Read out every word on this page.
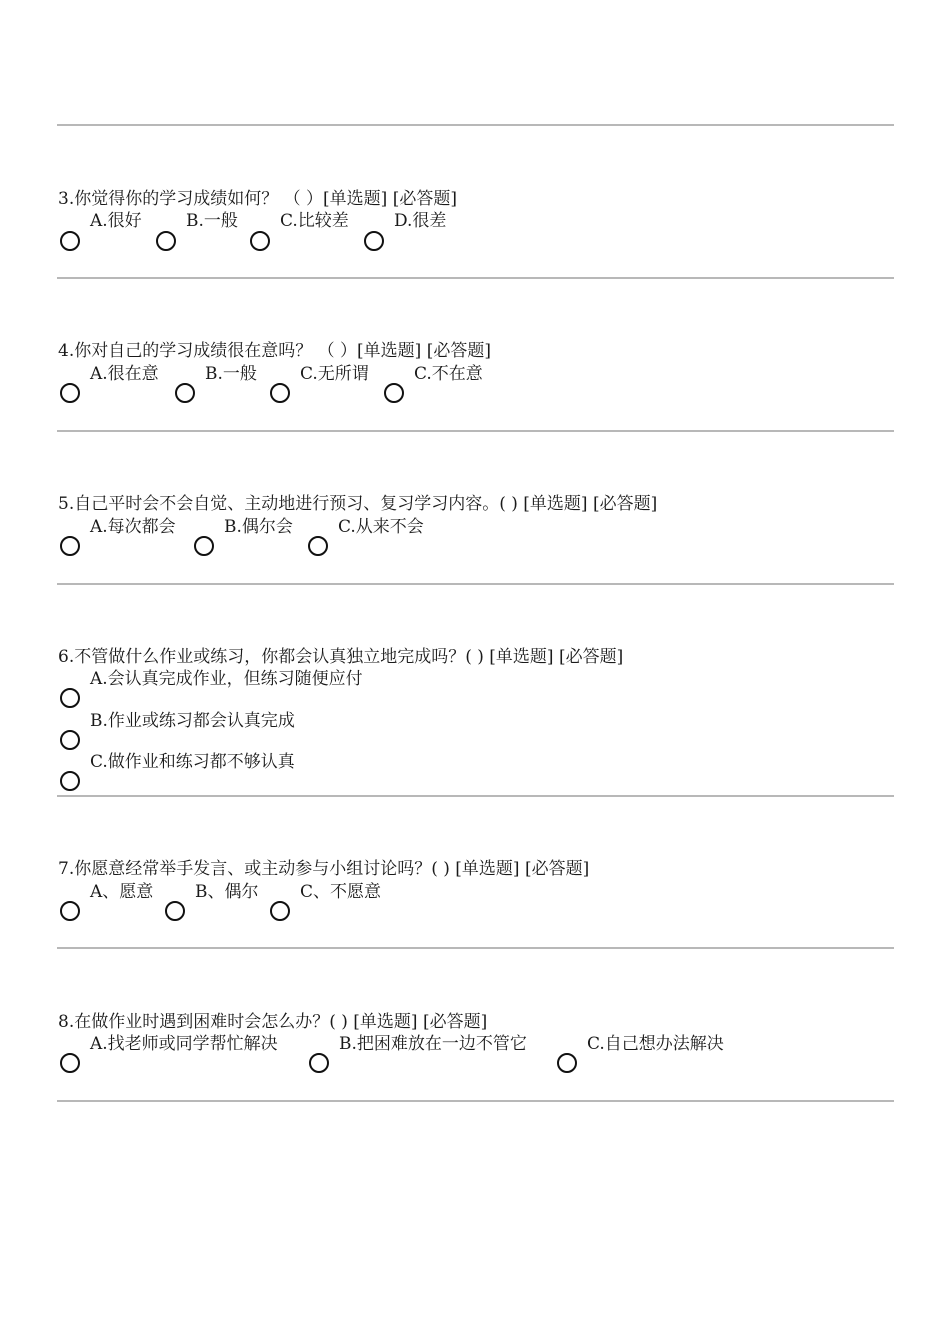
3.你觉得你的学习成绩如何？ （ ）[单选题] [必答题]
A.很好	B.一般 C.比较差	D.很差
4.你对自己的学习成绩很在意吗？ （ ）[单选题] [必答题]
A.很在意	B.一般	C.无所谓	C.不在意
5.自己平时会不会自觉、主动地进行预习、复习学习内容。( ) [单选题] [必答题]
A.每次都会	B.偶尔会	C.从来不会
6.不管做什么作业或练习，你都会认真独立地完成吗？( ) [单选题] [必答题]
A.会认真完成作业，但练习随便应付
B.作业或练习都会认真完成
C.做作业和练习都不够认真
7.你愿意经常举手发言、或主动参与小组讨论吗？( ) [单选题] [必答题]
A、愿意 B、偶尔 C、不愿意
8.在做作业时遇到困难时会怎么办？( ) [单选题] [必答题]
A.找老师或同学帮忙解决	B.把困难放在一边不管它	C.自己想办法解决
